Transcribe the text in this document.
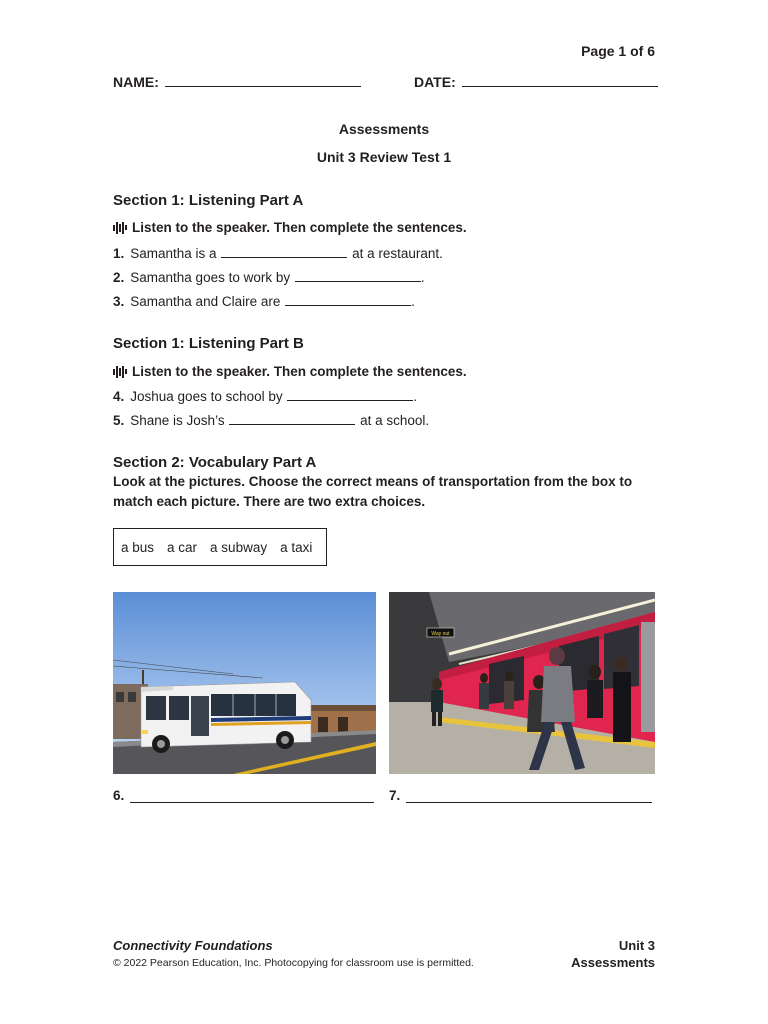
Page 1 of 6
NAME:	DATE:
Assessments
Unit 3 Review Test 1
Section 1: Listening Part A
Listen to the speaker. Then complete the sentences.
1. Samantha is a	at a restaurant.
2. Samantha goes to work by	.
3. Samantha and Claire are	.
Section 1: Listening Part B
Listen to the speaker. Then complete the sentences.
4. Joshua goes to school by	.
5. Shane is Josh’s	at a school.
Section 2: Vocabulary Part A
Look at the pictures. Choose the correct means of transportation from the box to
match each picture. There are two extra choices.
a bus a car a subway a taxi
Way out
6.	7.
Connectivity Foundations
© 2022 Pearson Education, Inc. Photocopying for classroom use is permitted.
Unit 3
Assessments
